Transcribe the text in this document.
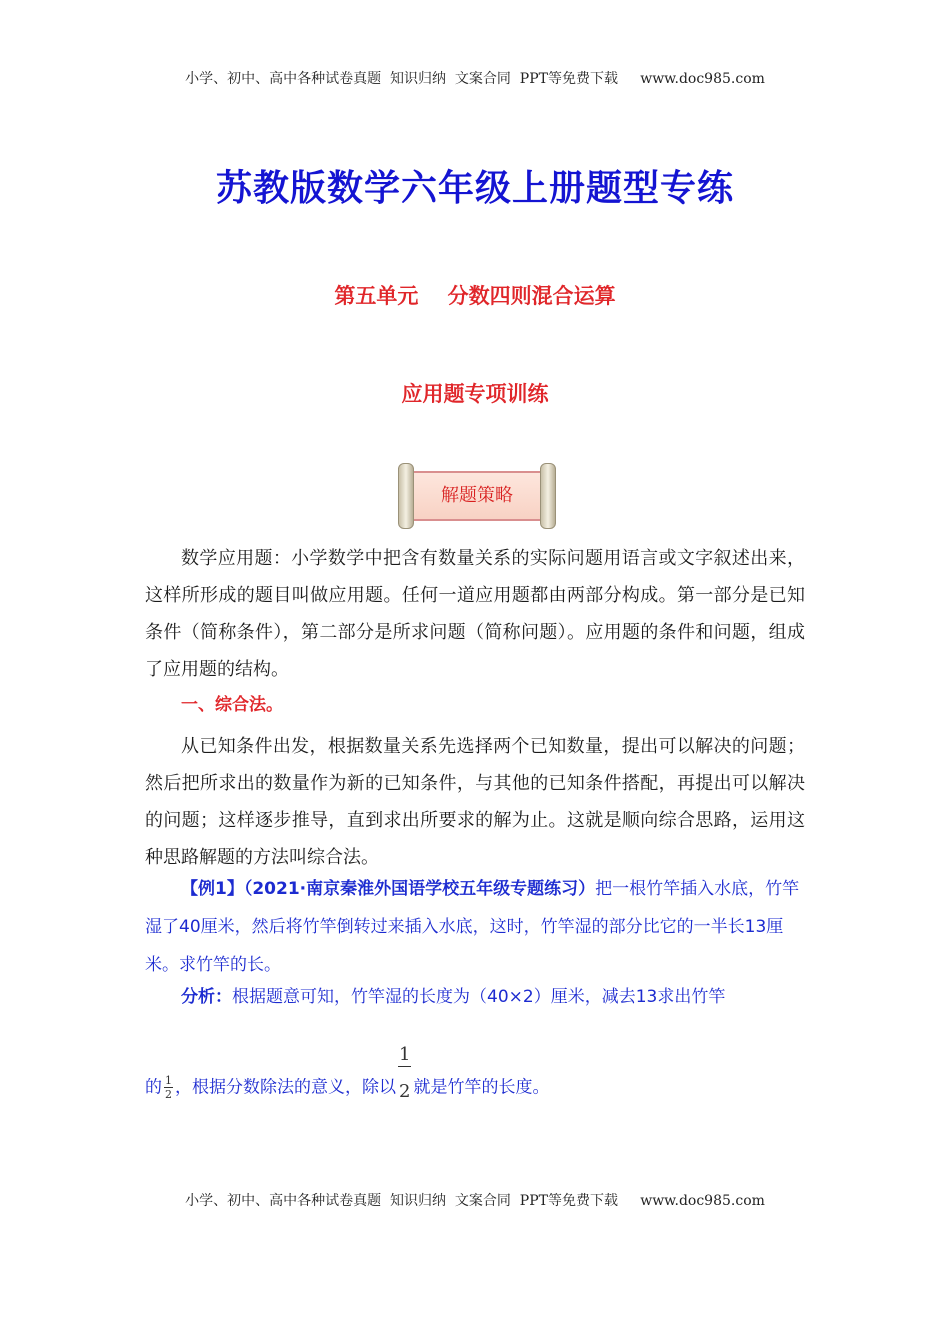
小学、初中、高中各种试卷真题  知识归纳  文案合同  PPT等免费下载     www.doc985.com
苏教版数学六年级上册题型专练
第五单元    分数四则混合运算
应用题专项训练
解题策略

数学应用题：小学数学中把含有数量关系的实际问题用语言或文字叙述出来，这样所形成的题目叫做应用题。任何一道应用题都由两部分构成。第一部分是已知条件（简称条件），第二部分是所求问题（简称问题）。应用题的条件和问题，组成了应用题的结构。

一、综合法。

从已知条件出发，根据数量关系先选择两个已知数量，提出可以解决的问题；然后把所求出的数量作为新的已知条件，与其他的已知条件搭配，再提出可以解决的问题；这样逐步推导，直到求出所要求的解为止。这就是顺向综合思路，运用这种思路解题的方法叫综合法。

【例1】（2021·南京秦淮外国语学校五年级专题练习）把一根竹竿插入水底，竹竿湿了40厘米，然后将竹竿倒转过来插入水底，这时，竹竿湿的部分比它的一半长13厘米。求竹竿的长。

分析：根据题意可知，竹竿湿的长度为（40×2）厘米，减去13求出竹竿

的 $\frac{1}{2}$ ，根据分数除法的意义，除以 $\frac{1}{2}$ 就是竹竿的长度。
小学、初中、高中各种试卷真题  知识归纳  文案合同  PPT等免费下载     www.doc985.com
